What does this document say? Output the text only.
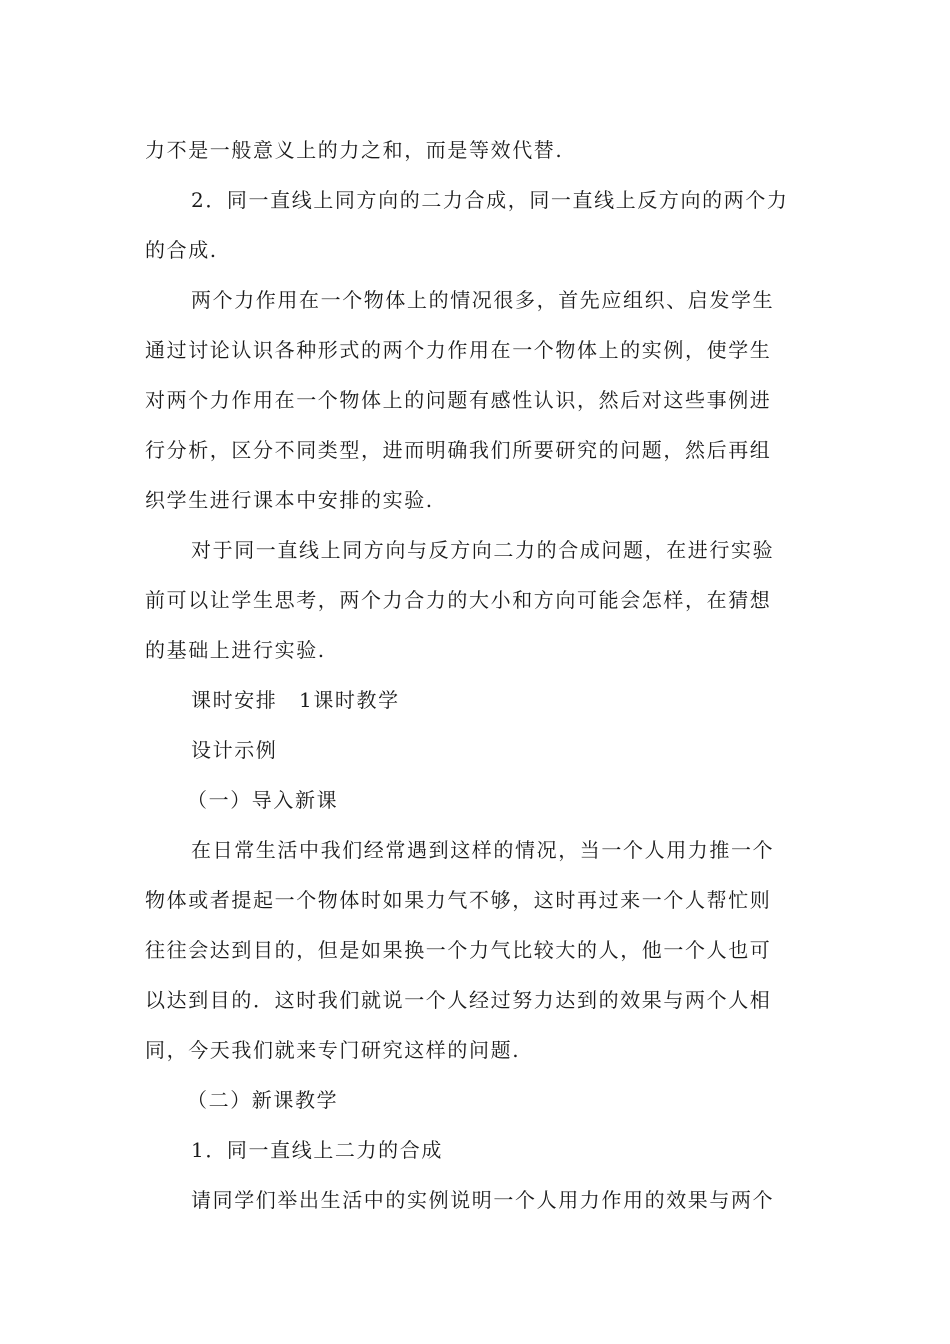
力不是一般意义上的力之和，而是等效代替.
2．同一直线上同方向的二力合成，同一直线上反方向的两个力
的合成.
两个力作用在一个物体上的情况很多，首先应组织、启发学生
通过讨论认识各种形式的两个力作用在一个物体上的实例，使学生
对两个力作用在一个物体上的问题有感性认识，然后对这些事例进
行分析，区分不同类型，进而明确我们所要研究的问题，然后再组
织学生进行课本中安排的实验.
对于同一直线上同方向与反方向二力的合成问题，在进行实验
前可以让学生思考，两个力合力的大小和方向可能会怎样，在猜想
的基础上进行实验.
课时安排　1课时教学
设计示例
（一）导入新课
在日常生活中我们经常遇到这样的情况，当一个人用力推一个
物体或者提起一个物体时如果力气不够，这时再过来一个人帮忙则
往往会达到目的，但是如果换一个力气比较大的人，他一个人也可
以达到目的．这时我们就说一个人经过努力达到的效果与两个人相
同，今天我们就来专门研究这样的问题.
（二）新课教学
1．同一直线上二力的合成
请同学们举出生活中的实例说明一个人用力作用的效果与两个
